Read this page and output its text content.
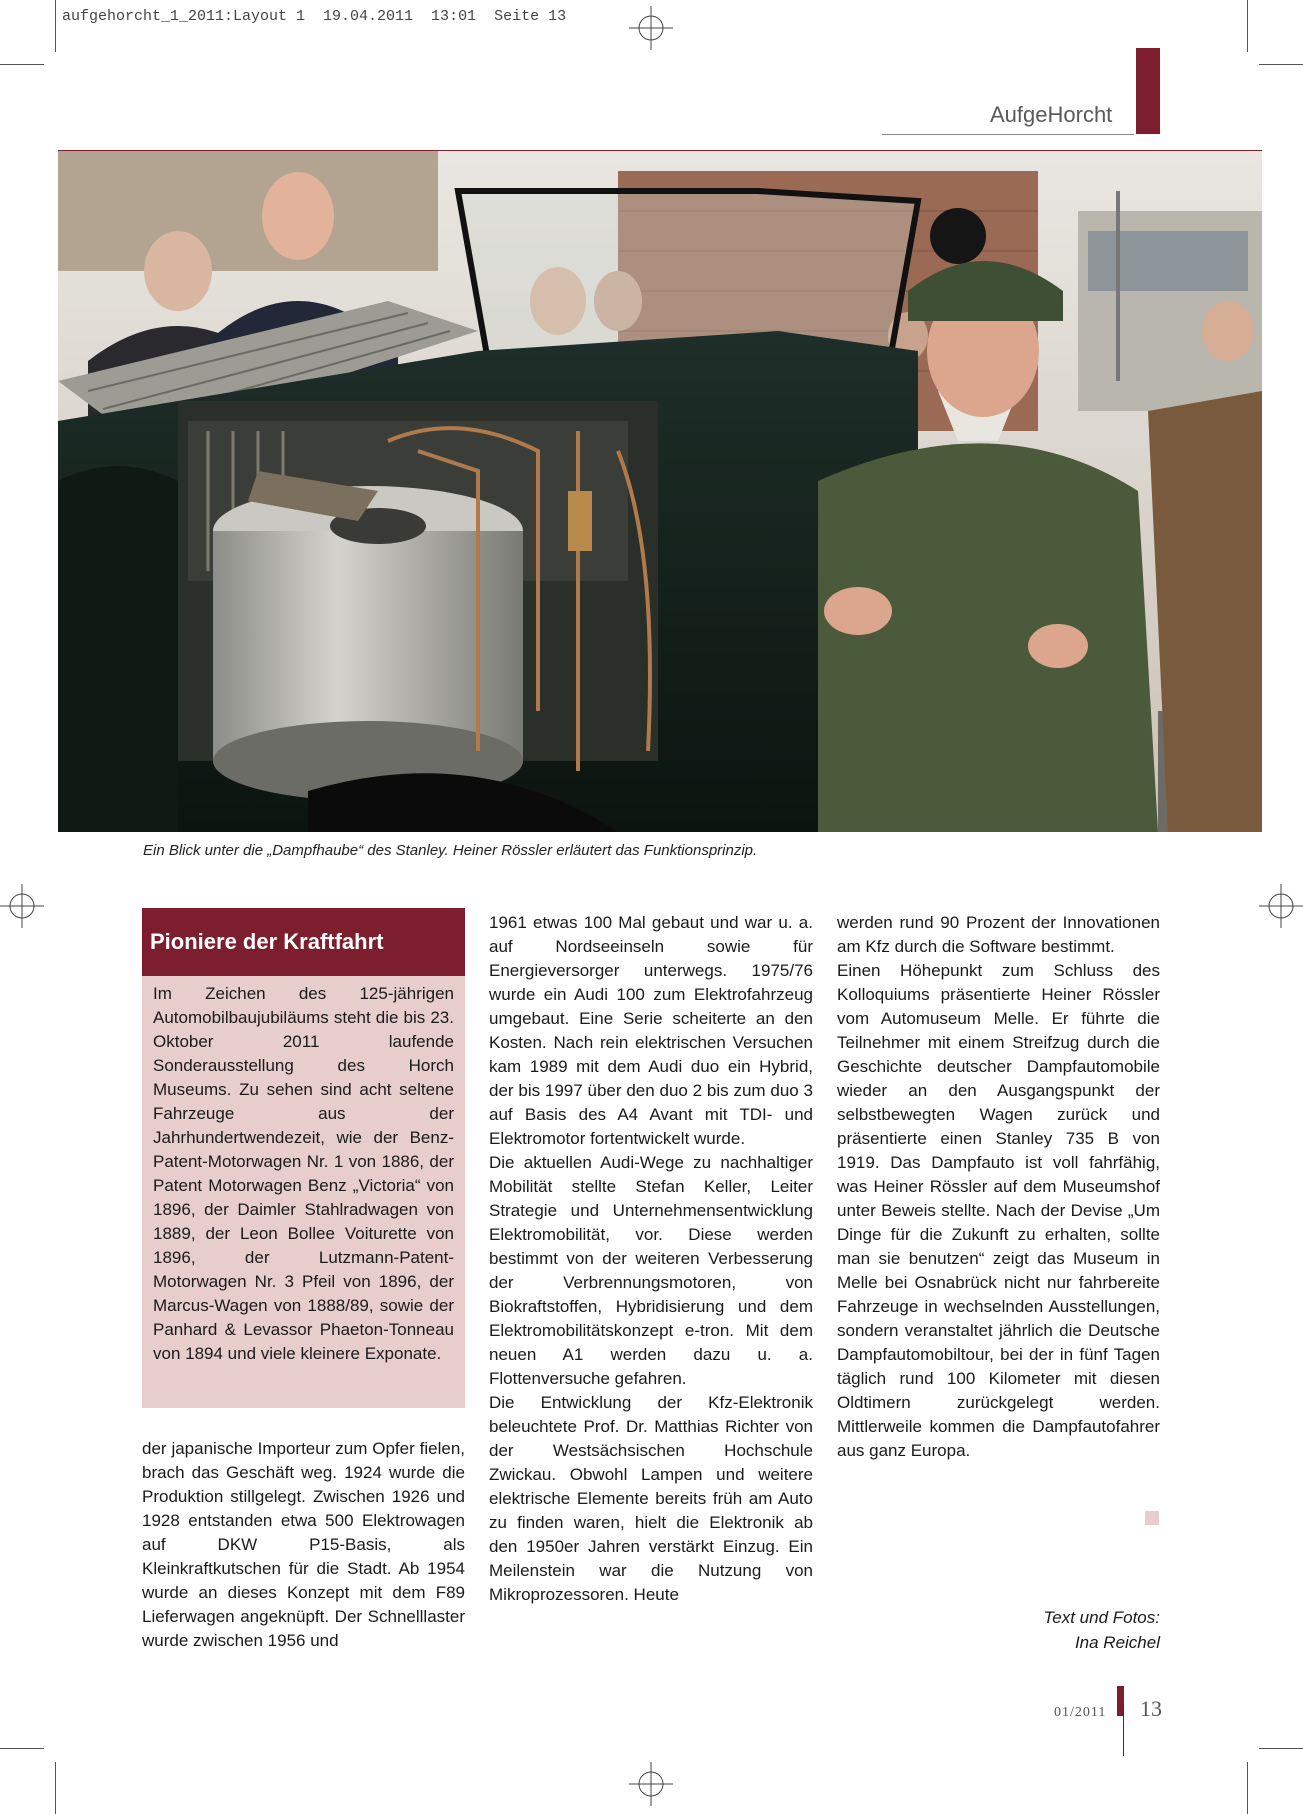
aufgehorcht_1_2011:Layout 1  19.04.2011  13:01  Seite 13
AufgeHorcht
Ein Blick unter die „Dampfhaube“ des Stanley. Heiner Rössler erläutert das Funktionsprinzip.
Pioniere der Kraftfahrt
Im Zeichen des 125-jährigen Automobilbaujubiläums steht die bis 23. Oktober 2011 laufende Sonderausstellung des Horch Museums. Zu sehen sind acht seltene Fahrzeuge aus der Jahrhundertwendezeit, wie der Benz-Patent-Motorwagen Nr. 1 von 1886, der Patent Motorwagen Benz „Victoria“ von 1896, der Daimler Stahlradwagen von 1889, der Leon Bollee Voiturette von 1896, der Lutzmann-Patent-Motorwagen Nr. 3 Pfeil von 1896, der Marcus-Wagen von 1888/89, sowie der Panhard & Levassor Phaeton-Tonneau von 1894 und viele kleinere Exponate.

der japanische Importeur zum Opfer fielen, brach das Geschäft weg. 1924 wurde die Produktion stillgelegt. Zwischen 1926 und 1928 entstanden etwa 500 Elektrowagen auf DKW P15-Basis, als Kleinkraftkutschen für die Stadt. Ab 1954 wurde an dieses Konzept mit dem F89 Lieferwagen angeknüpft. Der Schnelllaster wurde zwischen 1956 und

1961 etwas 100 Mal gebaut und war u. a. auf Nordseeinseln sowie für Energieversorger unterwegs. 1975/76 wurde ein Audi 100 zum Elektrofahrzeug umgebaut. Eine Serie scheiterte an den Kosten. Nach rein elektrischen Versuchen kam 1989 mit dem Audi duo ein Hybrid, der bis 1997 über den duo 2 bis zum duo 3 auf Basis des A4 Avant mit TDI- und Elektromotor fortentwickelt wurde.

Die aktuellen Audi-Wege zu nachhaltiger Mobilität stellte Stefan Keller, Leiter Strategie und Unternehmensentwicklung Elektromobilität, vor. Diese werden bestimmt von der weiteren Verbesserung der Verbrennungsmotoren, von Biokraftstoffen, Hybridisierung und dem Elektromobilitätskonzept e-tron. Mit dem neuen A1 werden dazu u. a. Flottenversuche gefahren.

Die Entwicklung der Kfz-Elektronik beleuchtete Prof. Dr. Matthias Richter von der Westsächsischen Hochschule Zwickau. Obwohl Lampen und weitere elektrische Elemente bereits früh am Auto zu finden waren, hielt die Elektronik ab den 1950er Jahren verstärkt Einzug. Ein Meilenstein war die Nutzung von Mikroprozessoren. Heute

werden rund 90 Prozent der Innovationen am Kfz durch die Software bestimmt.

Einen Höhepunkt zum Schluss des Kolloquiums präsentierte Heiner Rössler vom Automuseum Melle. Er führte die Teilnehmer mit einem Streifzug durch die Geschichte deutscher Dampfautomobile wieder an den Ausgangspunkt der selbstbewegten Wagen zurück und präsentierte einen Stanley 735 B von 1919. Das Dampfauto ist voll fahrfähig, was Heiner Rössler auf dem Museumshof unter Beweis stellte. Nach der Devise „Um Dinge für die Zukunft zu erhalten, sollte man sie benutzen“ zeigt das Museum in Melle bei Osnabrück nicht nur fahrbereite Fahrzeuge in wechselnden Ausstellungen, sondern veranstaltet jährlich die Deutsche Dampfautomobiltour, bei der in fünf Tagen täglich rund 100 Kilometer mit diesen Oldtimern zurückgelegt werden. Mittlerweile kommen die Dampfautofahrer aus ganz Europa.

Text und Fotos:

Ina Reichel

01/2011 13
